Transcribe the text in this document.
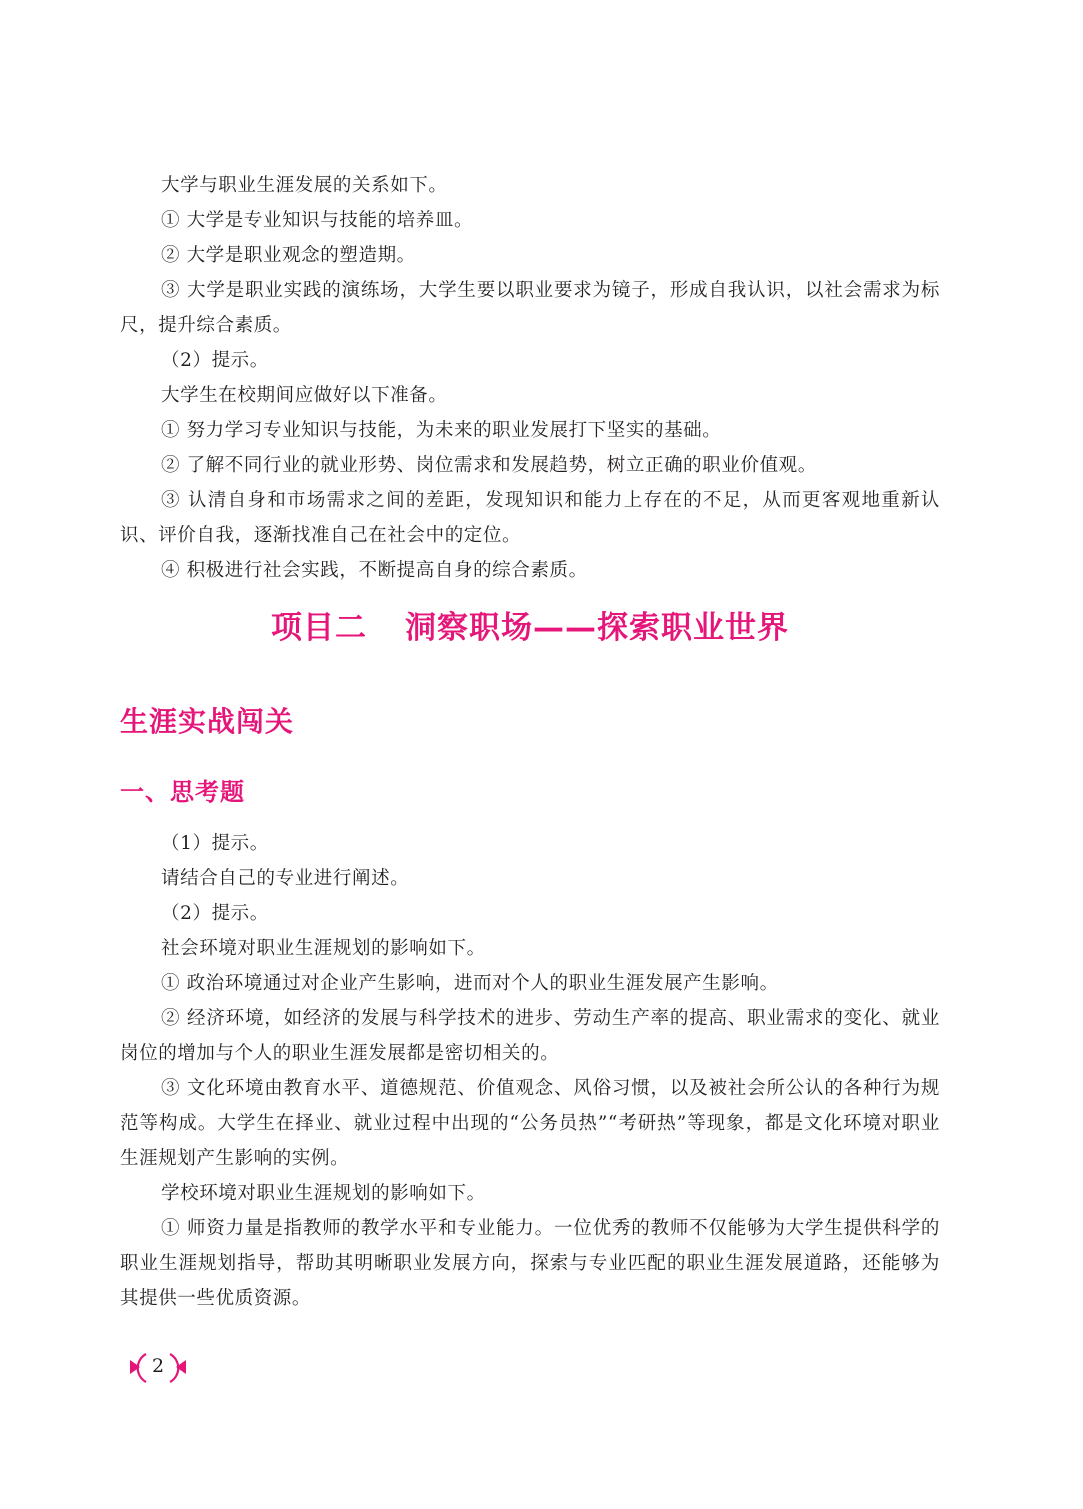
大学与职业生涯发展的关系如下。

① 大学是专业知识与技能的培养皿。

② 大学是职业观念的塑造期。

③ 大学是职业实践的演练场，大学生要以职业要求为镜子，形成自我认识，以社会需求为标尺，提升综合素质。

（2）提示。

大学生在校期间应做好以下准备。

① 努力学习专业知识与技能，为未来的职业发展打下坚实的基础。

② 了解不同行业的就业形势、岗位需求和发展趋势，树立正确的职业价值观。

③ 认清自身和市场需求之间的差距，发现知识和能力上存在的不足，从而更客观地重新认识、评价自我，逐渐找准自己在社会中的定位。

④ 积极进行社会实践，不断提高自身的综合素质。

项目二 洞察职场——探索职业世界
生涯实战闯关
一、思考题

（1）提示。

请结合自己的专业进行阐述。

（2）提示。

社会环境对职业生涯规划的影响如下。

① 政治环境通过对企业产生影响，进而对个人的职业生涯发展产生影响。

② 经济环境，如经济的发展与科学技术的进步、劳动生产率的提高、职业需求的变化、就业岗位的增加与个人的职业生涯发展都是密切相关的。

③ 文化环境由教育水平、道德规范、价值观念、风俗习惯，以及被社会所公认的各种行为规范等构成。大学生在择业、就业过程中出现的“公务员热”“考研热”等现象，都是文化环境对职业生涯规划产生影响的实例。

学校环境对职业生涯规划的影响如下。

① 师资力量是指教师的教学水平和专业能力。一位优秀的教师不仅能够为大学生提供科学的职业生涯规划指导，帮助其明晰职业发展方向，探索与专业匹配的职业生涯发展道路，还能够为其提供一些优质资源。

2
